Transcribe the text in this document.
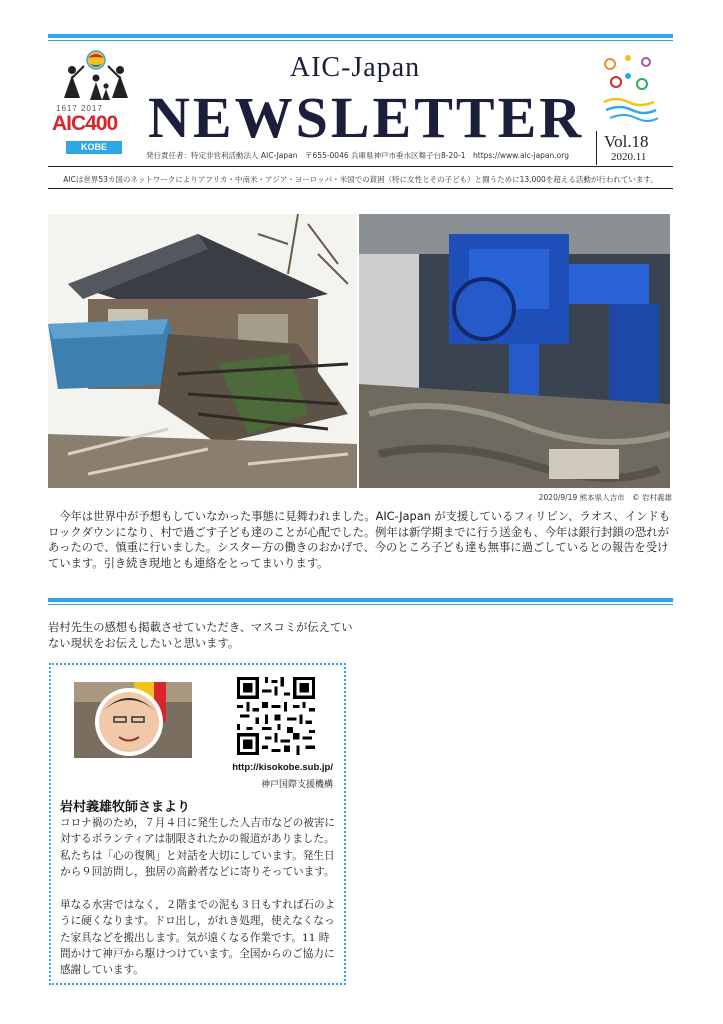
1617 2017
AIC400
KOBE
AIC-Japan
NEWSLETTER Vol.18
2020.11
発行責任者：特定非営利活動法人 AIC-Japan　〒655-0046 兵庫県神戸市垂水区舞子台8-20-1　https://www.aic-japan.org
AICは世界53カ国のネットワークによりアフリカ・中南米・アジア・ヨーロッパ・米国での貧困（特に女性とその子ども）と闘うために13,000を超える活動が行われています。
2020/9/19 熊本県人吉市　© 岩村義雄
今年は世界中が予想もしていなかった事態に見舞われました。AIC-Japan が支援しているフィリピン、ラオス、インドもロックダウンになり、村で過ごす子ども達のことが心配でした。例年は新学期までに行う送金も、今年は銀行封鎖の恐れがあったので、慎重に行いました。シスター方の働きのおかげで、今のところ子ども達も無事に過ごしているとの報告を受けています。引き続き現地とも連絡をとってまいります。
岩村先生の感想も掲載させていただき、マスコミが伝えていない現状をお伝えしたいと思います。
http://kisokobe.sub.jp/
神戸国際支援機構
岩村義雄牧師さまより
コロナ禍のため，７月４日に発生した人吉市などの被害に対するボランティアは制限されたかの報道がありました。私たちは「心の復興」と対話を大切にしています。発生日から９回訪問し，独居の高齢者などに寄りそっています。
単なる水害ではなく，２階までの泥も３日もすれば石のように硬くなります。ドロ出し，がれき処理，使えなくなった家具などを搬出します。気が遠くなる作業です。11 時間かけて神戸から駆けつけています。全国からのご協力に感謝しています。
